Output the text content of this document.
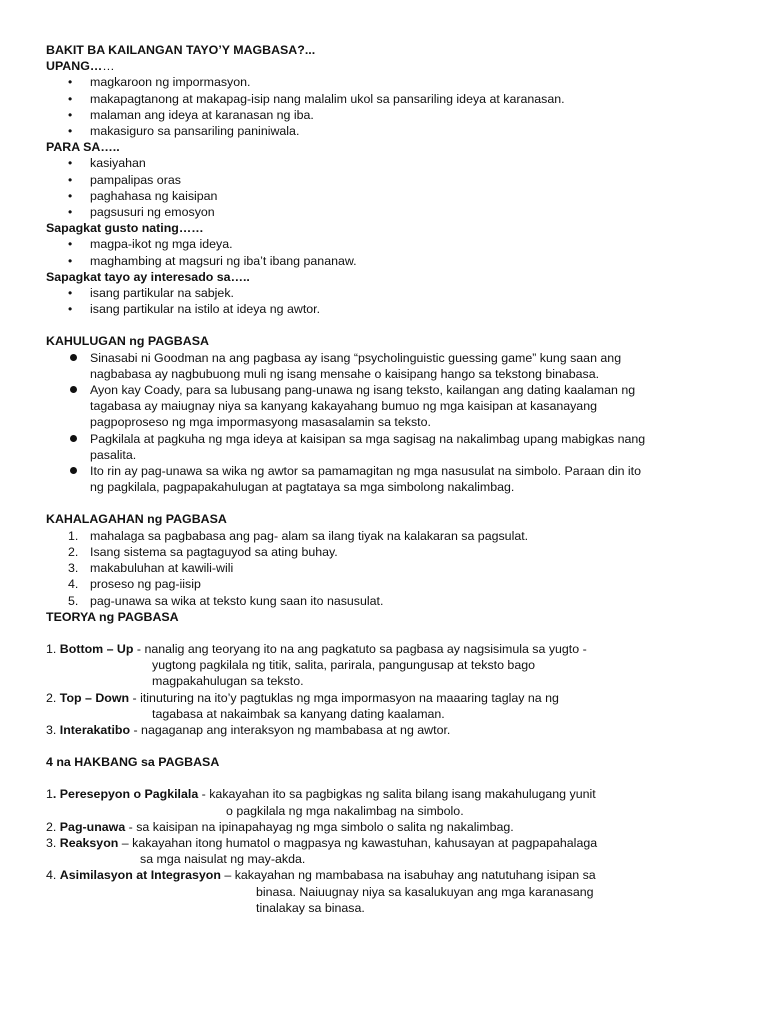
BAKIT BA KAILANGAN TAYO’Y MAGBASA?...
UPANG……
• magkaroon ng impormasyon.
• makapagtanong at makapag-isip nang malalim ukol sa pansariling ideya at karanasan.
• malaman ang ideya at karanasan ng iba.
• makasiguro sa pansariling paniniwala.
PARA SA…..
• kasiyahan
• pampalipas oras
• paghahasa ng kaisipan
• pagsusuri ng emosyon
Sapagkat gusto nating……
• magpa-ikot ng mga ideya.
• maghambing at magsuri ng iba’t ibang pananaw.
Sapagkat tayo ay interesado sa…..
• isang partikular na sabjek.
• isang partikular na istilo at ideya ng awtor.
KAHULUGAN ng PAGBASA
Sinasabi ni Goodman na ang pagbasa ay isang “psycholinguistic guessing game” kung saan ang
nagbabasa ay nagbubuong muli ng isang mensahe o kaisipang hango sa tekstong binabasa.
Ayon kay Coady, para sa lubusang pang-unawa ng isang teksto, kailangan ang dating kaalaman ng
tagabasa ay maiugnay niya sa kanyang kakayahang bumuo ng mga kaisipan at kasanayang
pagpoproseso ng mga impormasyong masasalamin sa teksto.
Pagkilala at pagkuha ng mga ideya at kaisipan sa mga sagisag na nakalimbag upang mabigkas nang
pasalita.
Ito rin ay pag-unawa sa wika ng awtor sa pamamagitan ng mga nasusulat na simbolo. Paraan din ito
ng pagkilala, pagpapakahulugan at pagtataya sa mga simbolong nakalimbag.
KAHALAGAHAN ng PAGBASA
1. mahalaga sa pagbabasa ang pag- alam sa ilang tiyak na kalakaran sa pagsulat.
2. Isang sistema sa pagtaguyod sa ating buhay.
3. makabuluhan at kawili-wili
4. proseso ng pag-iisip
5. pag-unawa sa wika at teksto kung saan ito nasusulat.
TEORYA ng PAGBASA
1. Bottom – Up - nanalig ang teoryang ito na ang pagkatuto sa pagbasa ay nagsisimula sa yugto -
yugtong pagkilala ng titik, salita, parirala, pangungusap at teksto bago
magpakahulugan sa teksto.
2. Top – Down - itinuturing na ito’y pagtuklas ng mga impormasyon na maaaring taglay na ng
tagabasa at nakaimbak sa kanyang dating kaalaman.
3. Interakatibo - nagaganap ang interaksyon ng mambabasa at ng awtor.
4 na HAKBANG sa PAGBASA
1. Peresepyon o Pagkilala - kakayahan ito sa pagbigkas ng salita bilang isang makahulugang yunit
o pagkilala ng mga nakalimbag na simbolo.
2. Pag-unawa - sa kaisipan na ipinapahayag ng mga simbolo o salita ng nakalimbag.
3. Reaksyon – kakayahan itong humatol o magpasya ng kawastuhan, kahusayan at pagpapahalaga
sa mga naisulat ng may-akda.
4. Asimilasyon at Integrasyon – kakayahan ng mambabasa na isabuhay ang natutuhang isipan sa
binasa. Naiuugnay niya sa kasalukuyan ang mga karanasang
tinalakay sa binasa.
